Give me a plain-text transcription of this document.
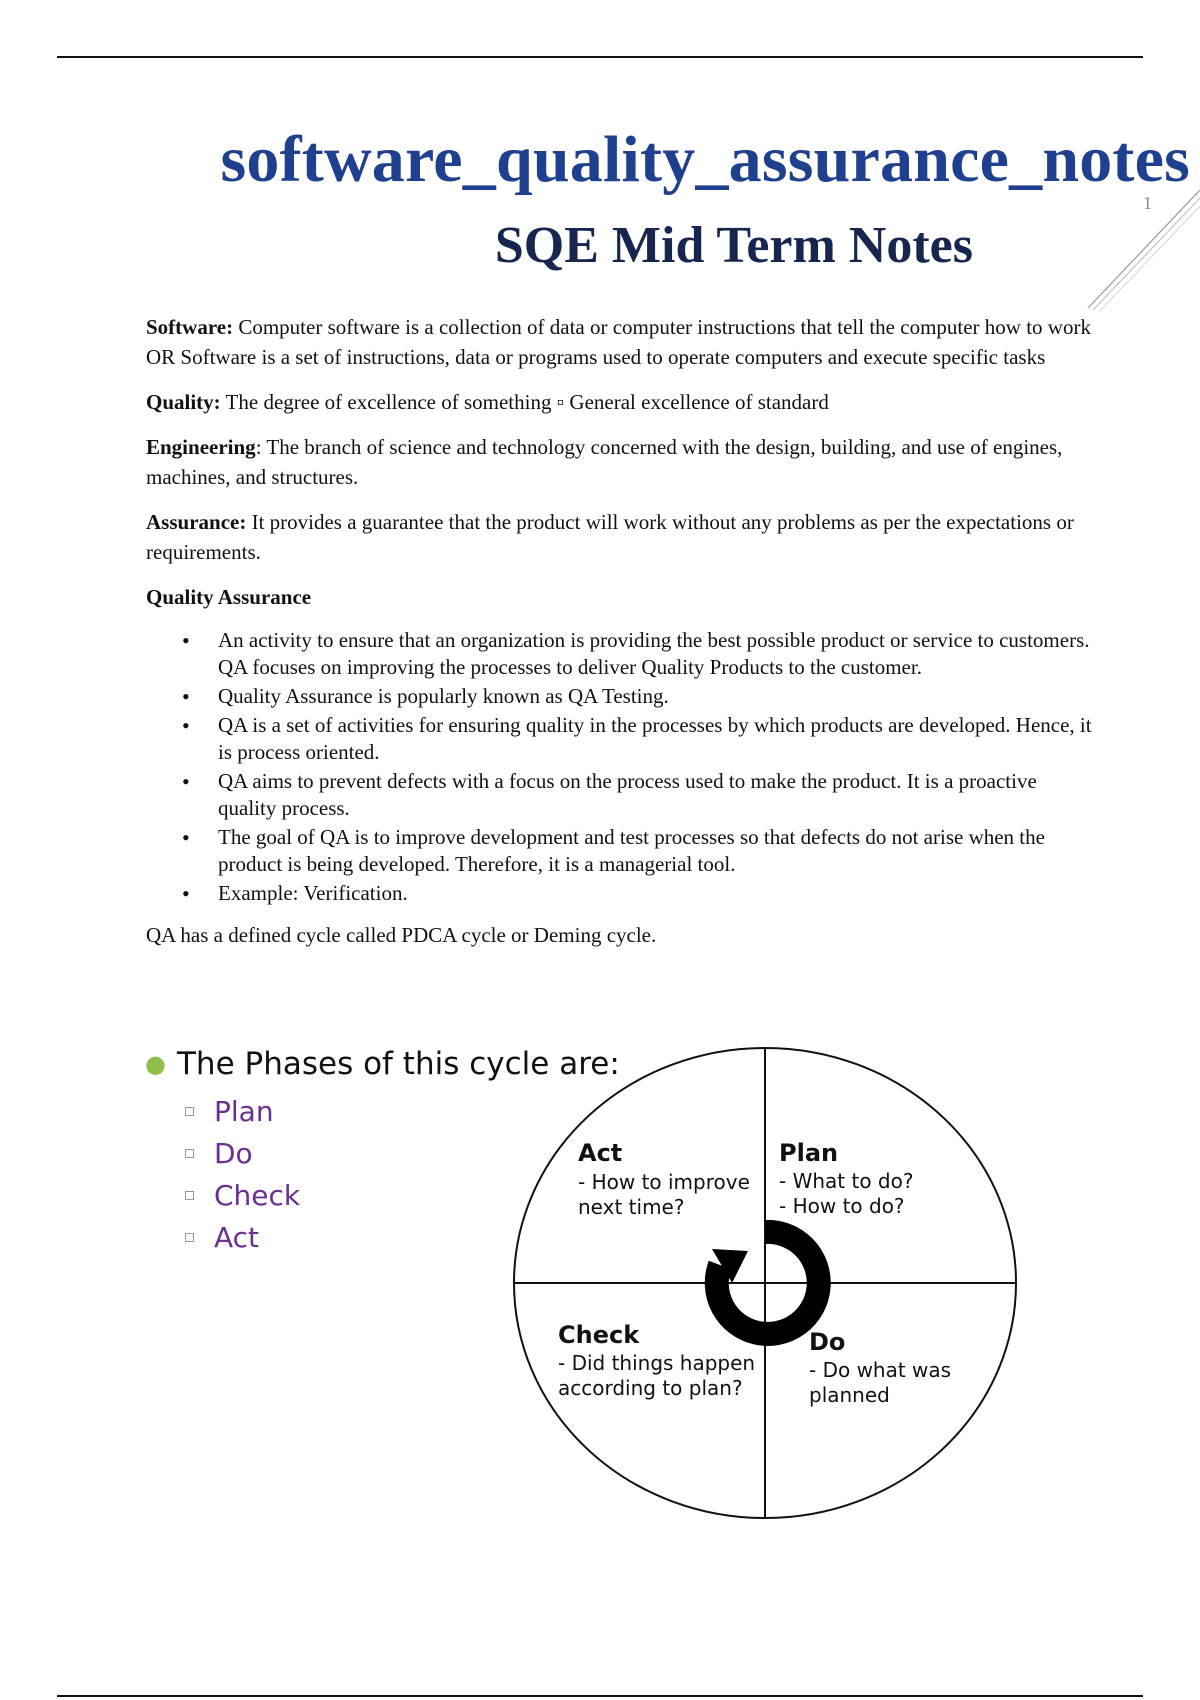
software_quality_assurance_notes
1
SQE Mid Term Notes

Software: Computer software is a collection of data or computer instructions that tell the computer how to work OR Software is a set of instructions, data or programs used to operate computers and execute specific tasks

Quality: The degree of excellence of something ▫ General excellence of standard

Engineering: The branch of science and technology concerned with the design, building, and use of engines, machines, and structures.

Assurance: It provides a guarantee that the product will work without any problems as per the expectations or requirements.

Quality Assurance

• An activity to ensure that an organization is providing the best possible product or service to customers. QA focuses on improving the processes to deliver Quality Products to the customer.
• Quality Assurance is popularly known as QA Testing.
• QA is a set of activities for ensuring quality in the processes by which products are developed. Hence, it is process oriented.
• QA aims to prevent defects with a focus on the process used to make the product. It is a proactive quality process.
• The goal of QA is to improve development and test processes so that defects do not arise when the product is being developed. Therefore, it is a managerial tool.
• Example: Verification.

QA has a defined cycle called PDCA cycle or Deming cycle.

● The Phases of this cycle are:
Plan
Do
Check
Act
Act
- How to improve
next time?
Plan
- What to do?
- How to do?
Check
- Did things happen
according to plan?
Do
- Do what was
planned
